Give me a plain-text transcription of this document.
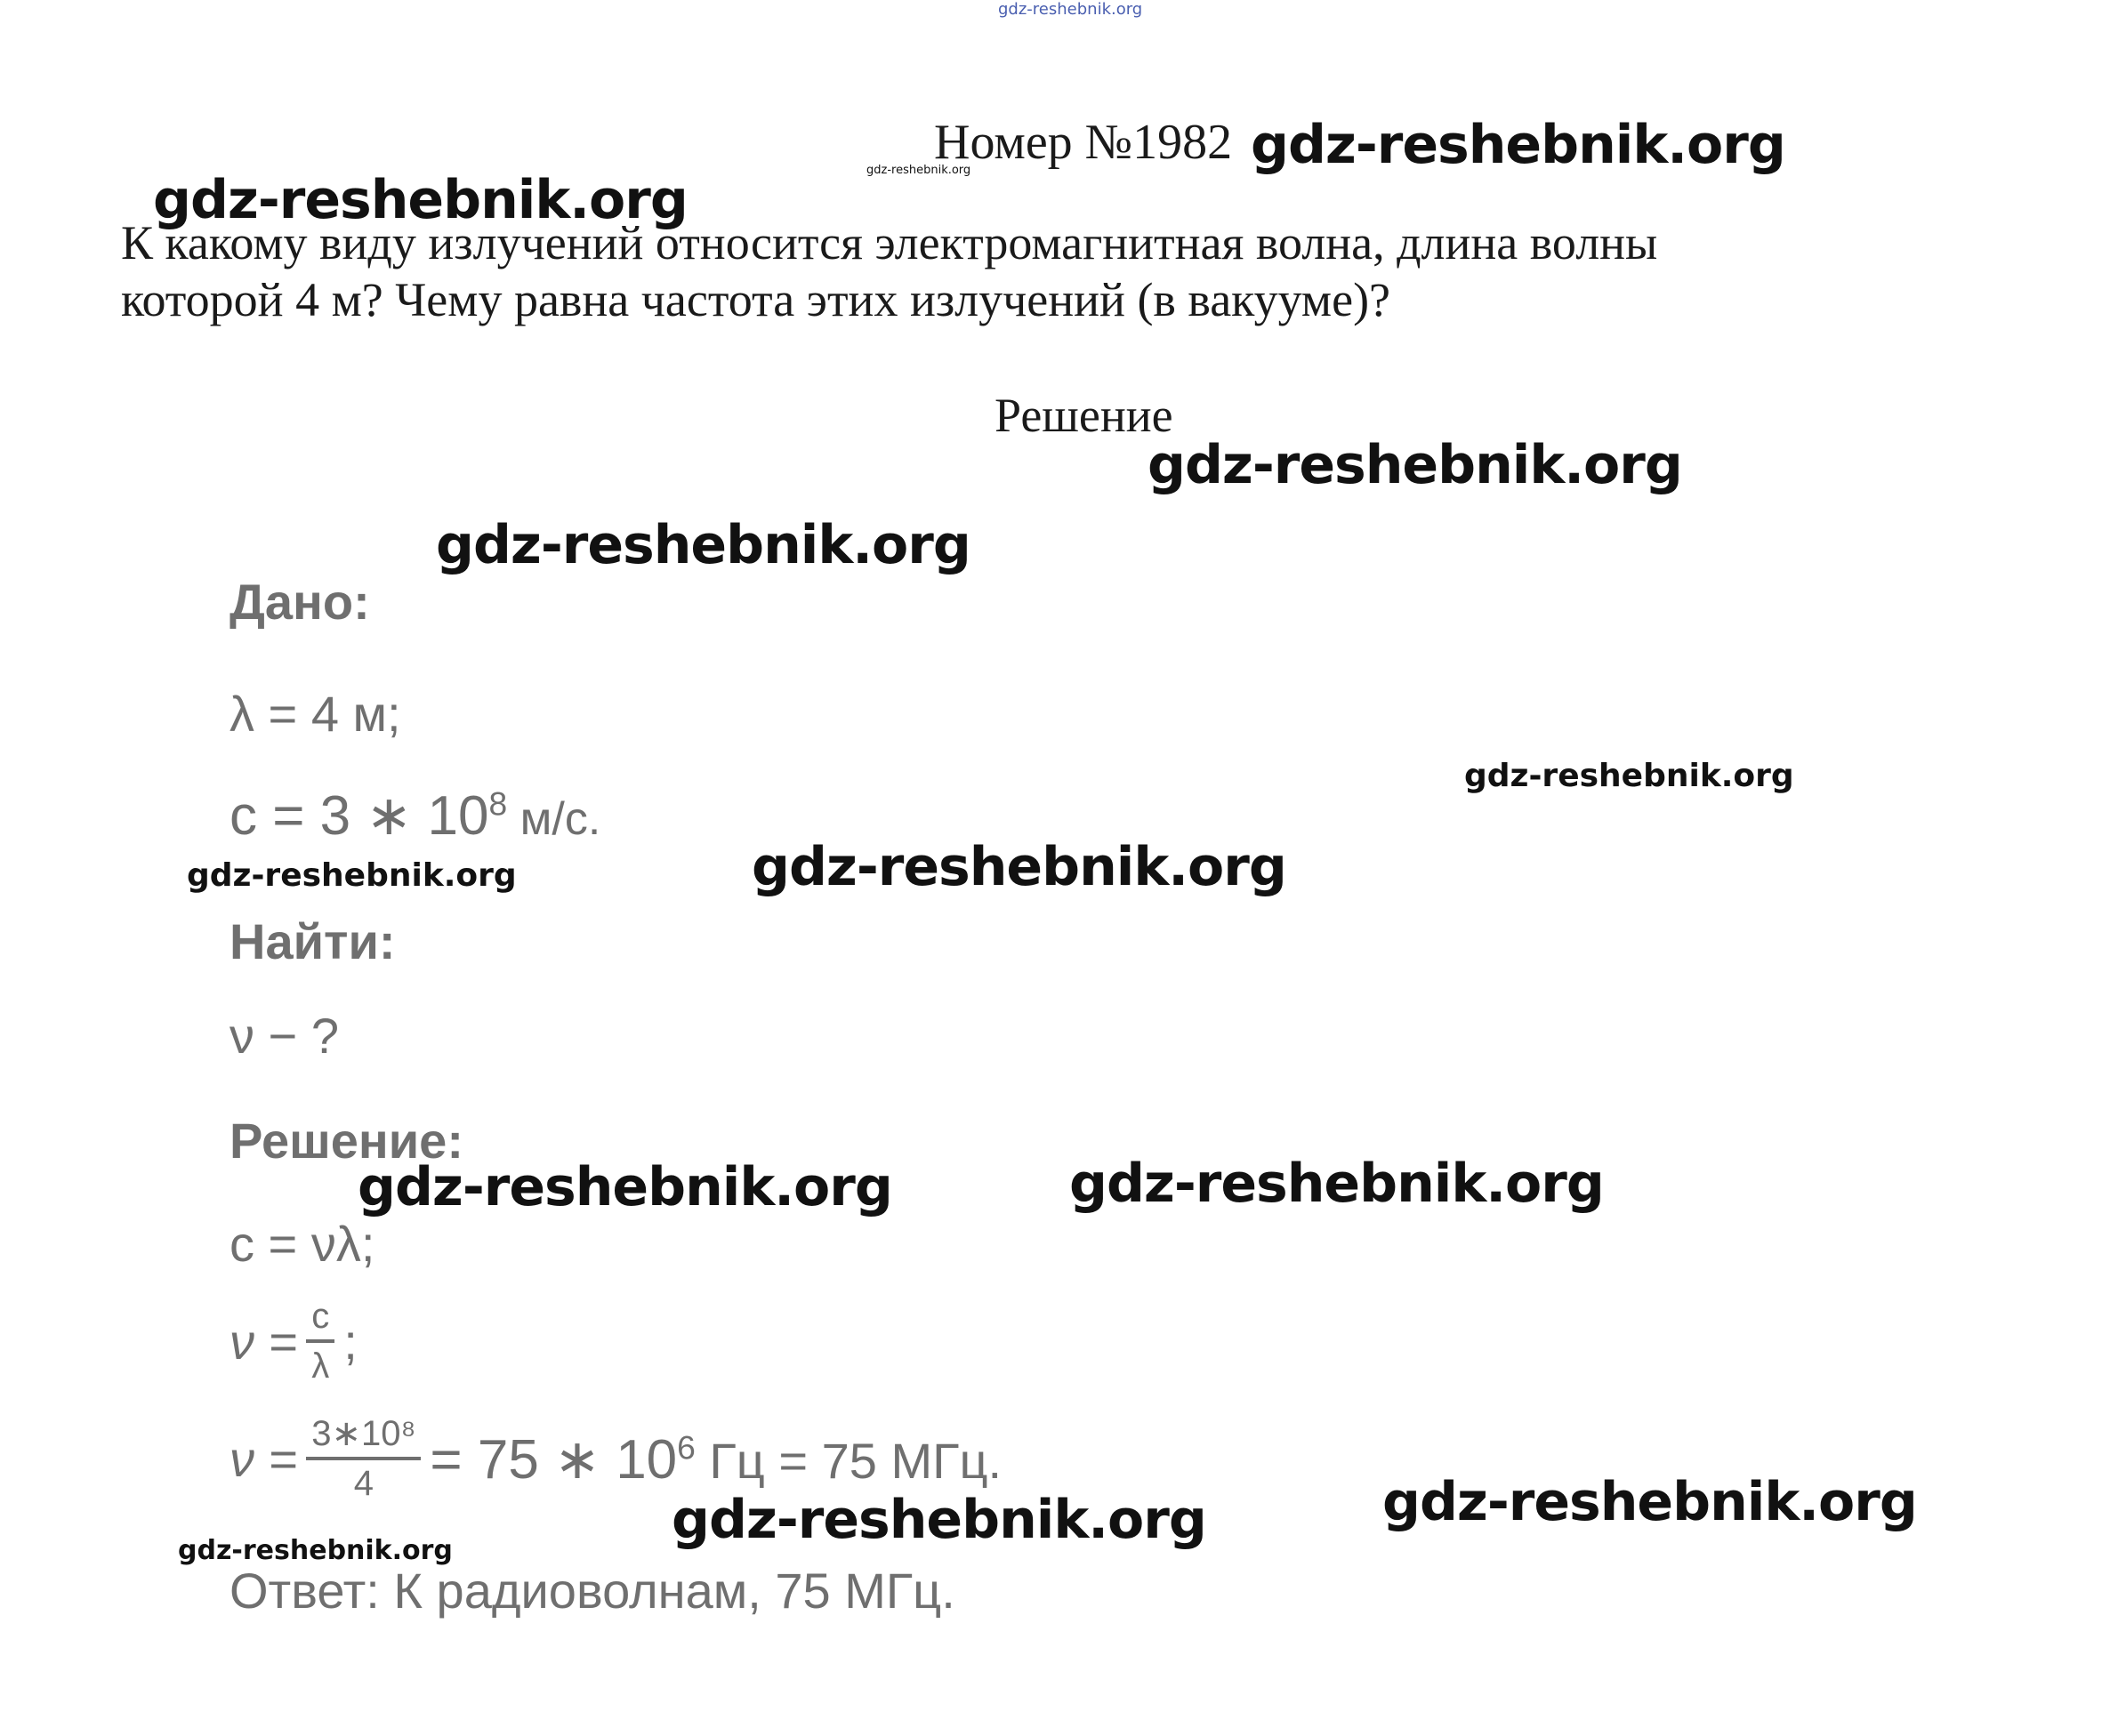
gdz-reshebnik.org
Номер №1982
gdz-reshebnik.org	gdz-reshebnik.org
gdz-reshebnik.org
К какому виду излучений относится электромагнитная волна, длина волны
которой 4 м? Чему равна частота этих излучений (в вакууме)?
Решение
gdz-reshebnik.org
gdz-reshebnik.org
Дано:
λ = 4 м;
c = 3 ∗ $10^8$ м/с.
gdz-reshebnik.org
gdz-reshebnik.org	gdz-reshebnik.org
Найти:
ν − ?
Решение:
gdz-reshebnik.org	gdz-reshebnik.org
c = νλ;
$\nu = \frac{c}{\lambda}$ ;
$\nu = \frac{\text{3∗10⁸}}{4} = 75$ ∗ $10^6$ Гц = 75 МГц.
gdz-reshebnik.org	gdz-reshebnik.org
gdz-reshebnik.org
Ответ: К радиоволнам, 75 МГц.
